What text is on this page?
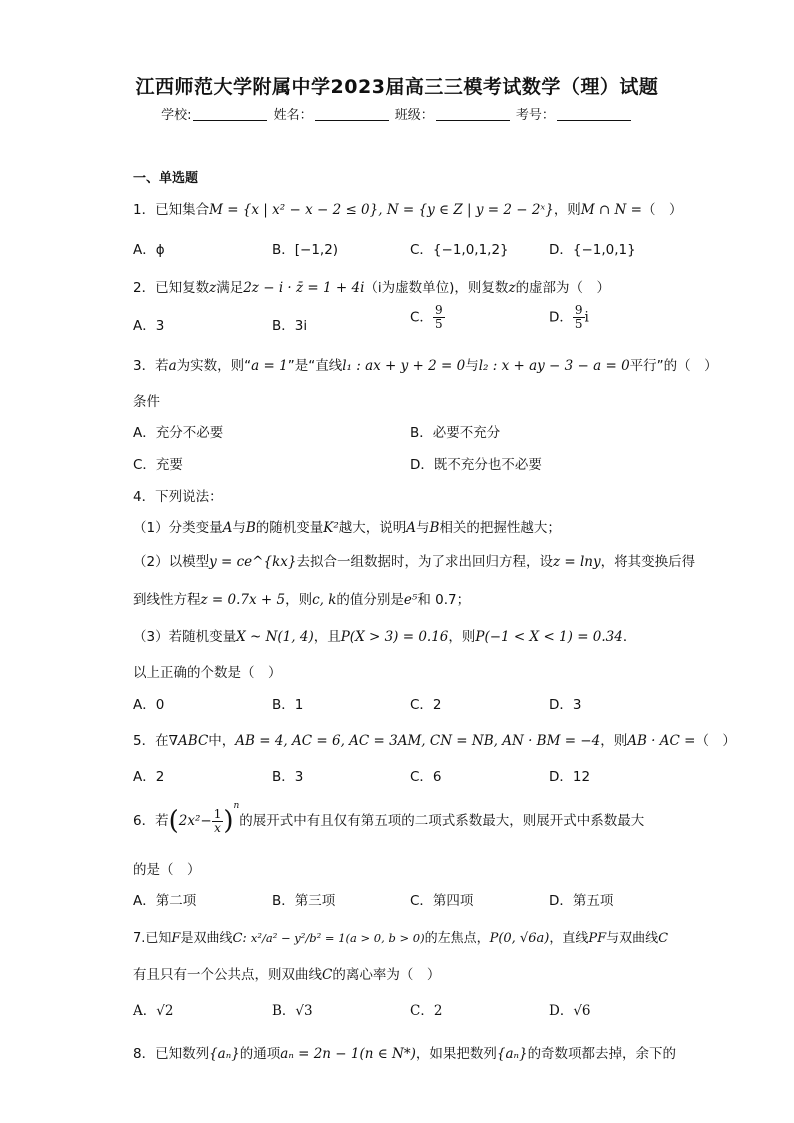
江西师范大学附属中学2023届高三三模考试数学（理）试题
学校:	姓名：	班级：	考号：
一、单选题
1．已知集合M = {x | x² − x − 2 ≤ 0}, N = {y ∈ Z | y = 2 − 2ˣ}，则M ∩ N =（　）
A．ϕ	B．[−1,2)	C．{−1,0,1,2}	D．{−1,0,1}
2．已知复数z满足2z − i · z̄ = 1 + 4i（i为虚数单位)，则复数z的虚部为（　）
A．3	B．3i
C． $\frac{9}{5}$	D． $\frac{9}{5}$ i
3．若a为实数，则“a = 1”是“直线l₁ : ax + y + 2 = 0与l₂ : x + ay − 3 − a = 0平行”的（　）
条件
A．充分不必要	B．必要不充分
C．充要	D．既不充分也不必要
4．下列说法：
（1）分类变量A与B的随机变量K²越大，说明A与B相关的把握性越大；
（2）以模型y = ce^{kx}去拟合一组数据时，为了求出回归方程，设z = lny，将其变换后得
到线性方程z = 0.7x + 5，则c, k的值分别是e⁵和 0.7；
（3）若随机变量X ~ N(1, 4)，且P(X > 3) = 0.16，则P(−1 < X < 1) = 0.34．
以上正确的个数是（　）
A．0	B．1	C．2	D．3
5．在∇ABC中，AB = 4, AC = 6, AC = 3AM, CN = NB, AN · BM = −4，则AB · AC =（　）
A．2	B．3	C．6	D．12
6．若$(2x^2- \frac{1}{x} )^n$的展开式中有且仅有第五项的二项式系数最大，则展开式中系数最大
的是（　）
A．第二项	B．第三项	C．第四项	D．第五项
7.已知F是双曲线C: x²/a² − y²/b² = 1(a > 0, b > 0)的左焦点，P(0, √6a)，直线PF与双曲线C
有且只有一个公共点，则双曲线C的离心率为（　）
A．√2	B．√3	C．2	D．√6
8．已知数列{aₙ}的通项aₙ = 2n − 1(n ∈ N*)，如果把数列{aₙ}的奇数项都去掉，余下的
